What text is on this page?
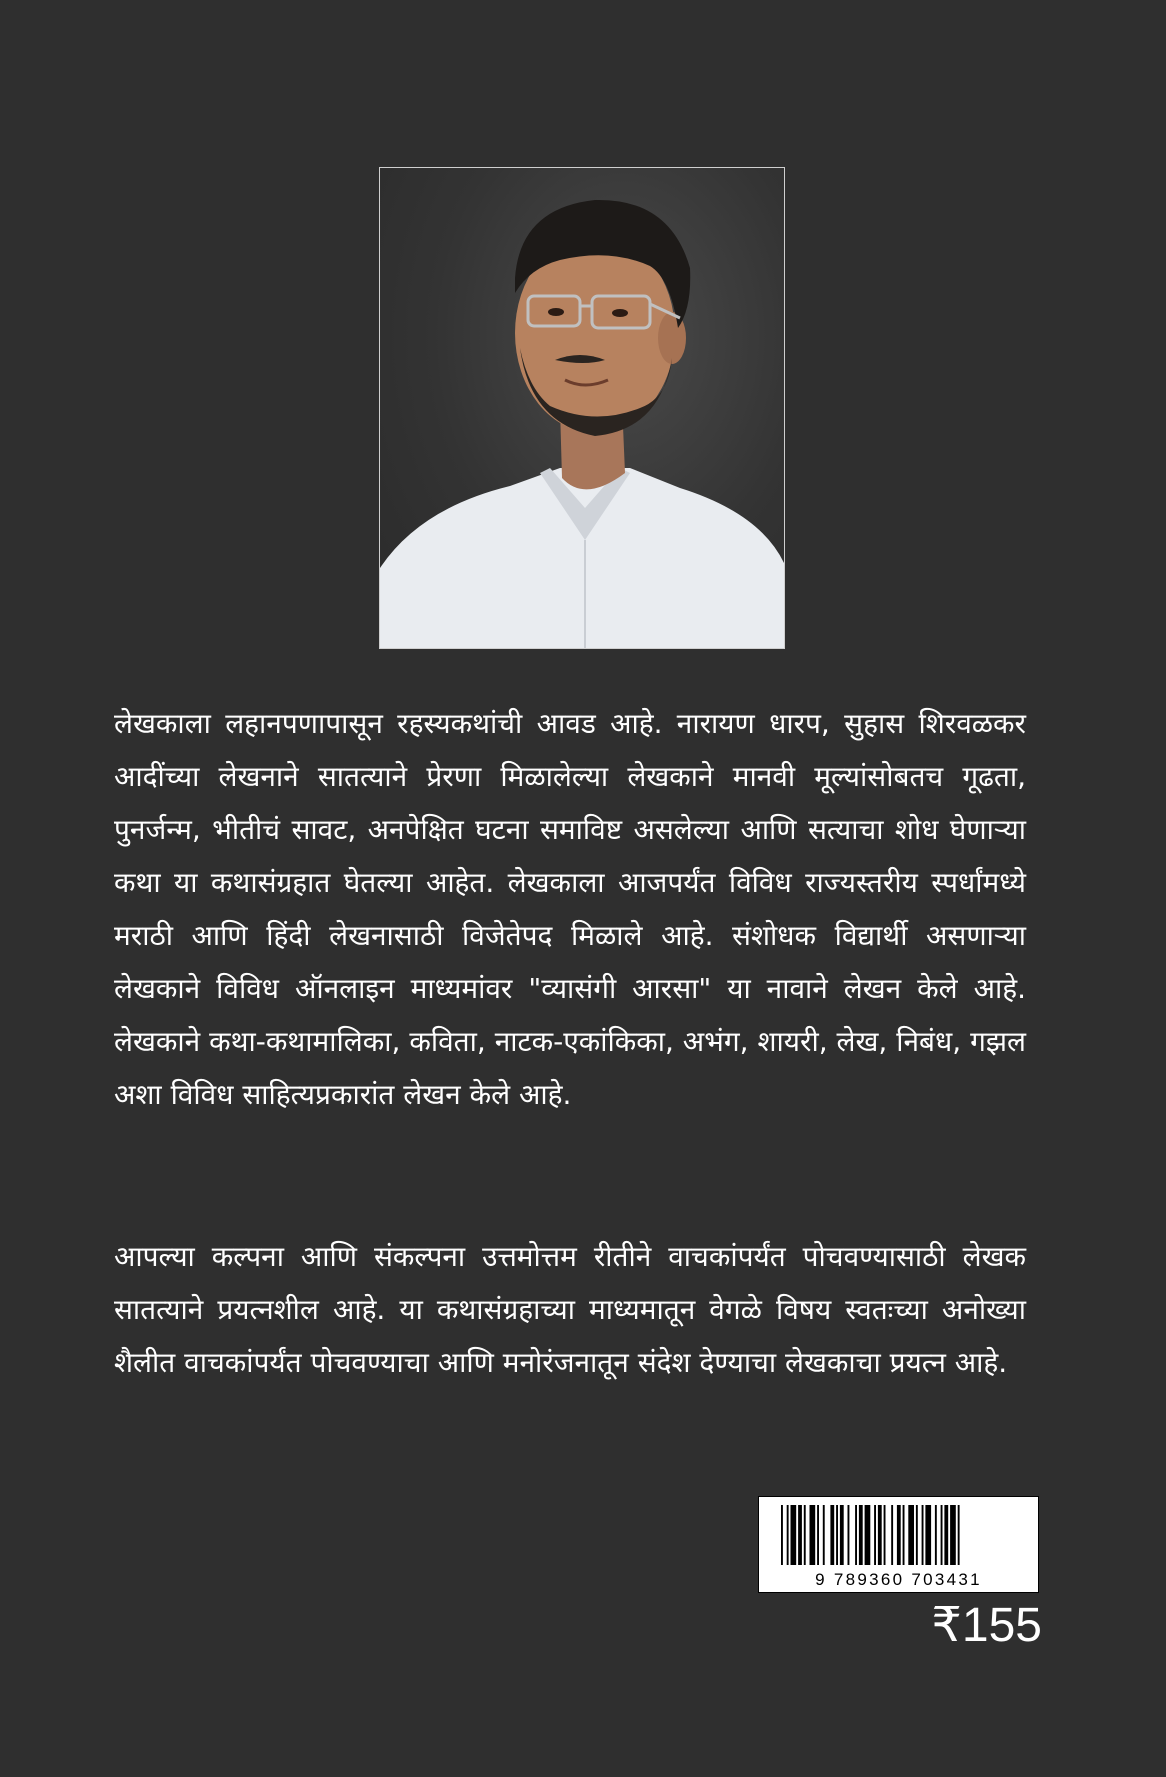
लेखकाला लहानपणापासून रहस्यकथांची आवड आहे. नारायण धारप, सुहास शिरवळकर आदींच्या लेखनाने सातत्याने प्रेरणा मिळालेल्या लेखकाने मानवी मूल्यांसोबतच गूढता, पुनर्जन्म, भीतीचं सावट, अनपेक्षित घटना समाविष्ट असलेल्या आणि सत्याचा शोध घेणाऱ्या कथा या कथासंग्रहात घेतल्या आहेत. लेखकाला आजपर्यंत विविध राज्यस्तरीय स्पर्धांमध्ये मराठी आणि हिंदी लेखनासाठी विजेतेपद मिळाले आहे. संशोधक विद्यार्थी असणाऱ्या लेखकाने विविध ऑनलाइन माध्यमांवर "व्यासंगी आरसा" या नावाने लेखन केले आहे. लेखकाने कथा-कथामालिका, कविता, नाटक-एकांकिका, अभंग, शायरी, लेख, निबंध, गझल अशा विविध साहित्यप्रकारांत लेखन केले आहे.

आपल्या कल्पना आणि संकल्पना उत्तमोत्तम रीतीने वाचकांपर्यंत पोचवण्यासाठी लेखक सातत्याने प्रयत्नशील आहे. या कथासंग्रहाच्या माध्यमातून वेगळे विषय स्वतःच्या अनोख्या शैलीत वाचकांपर्यंत पोचवण्याचा आणि मनोरंजनातून संदेश देण्याचा लेखकाचा प्रयत्न आहे.

9 789360 703431
₹155
